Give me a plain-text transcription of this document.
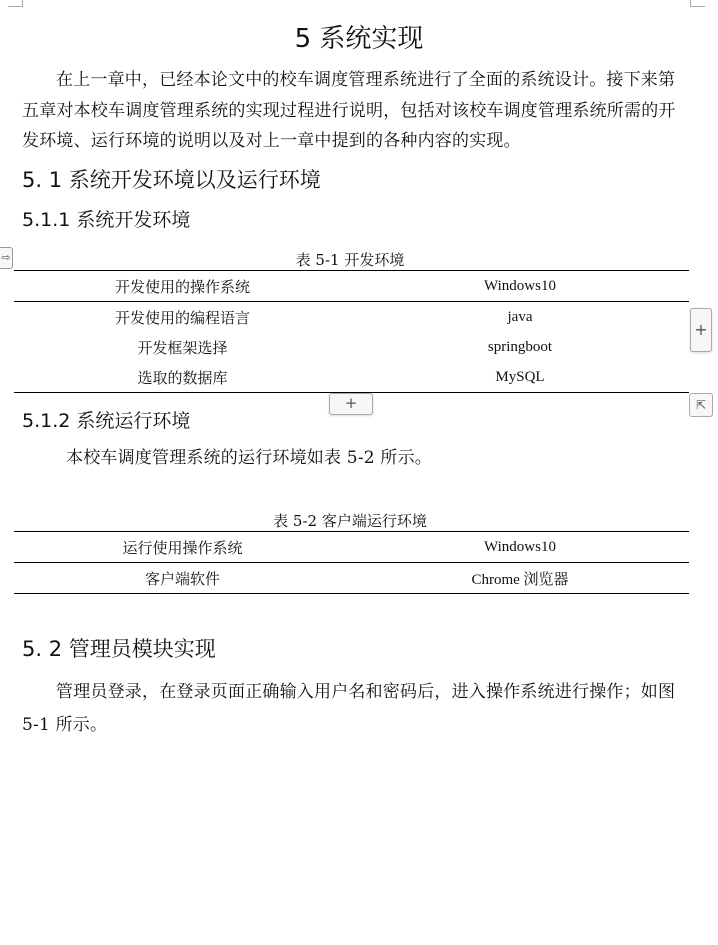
5 系统实现
在上一章中，已经本论文中的校车调度管理系统进行了全面的系统设计。接下来第五章对本校车调度管理系统的实现过程进行说明，包括对该校车调度管理系统所需的开发环境、运行环境的说明以及对上一章中提到的各种内容的实现。
5. 1 系统开发环境以及运行环境
5.1.1 系统开发环境
表 5-1 开发环境
开发使用的操作系统	Windows10
开发使用的编程语言	java
开发框架选择	springboot
选取的数据库	MySQL
⇨
+
+	⇱
5.1.2 系统运行环境
本校车调度管理系统的运行环境如表 5-2 所示。
表 5-2 客户端运行环境
运行使用操作系统	Windows10
客户端软件	Chrome 浏览器
5. 2 管理员模块实现
管理员登录，在登录页面正确输入用户名和密码后，进入操作系统进行操作；如图 5-1 所示。
